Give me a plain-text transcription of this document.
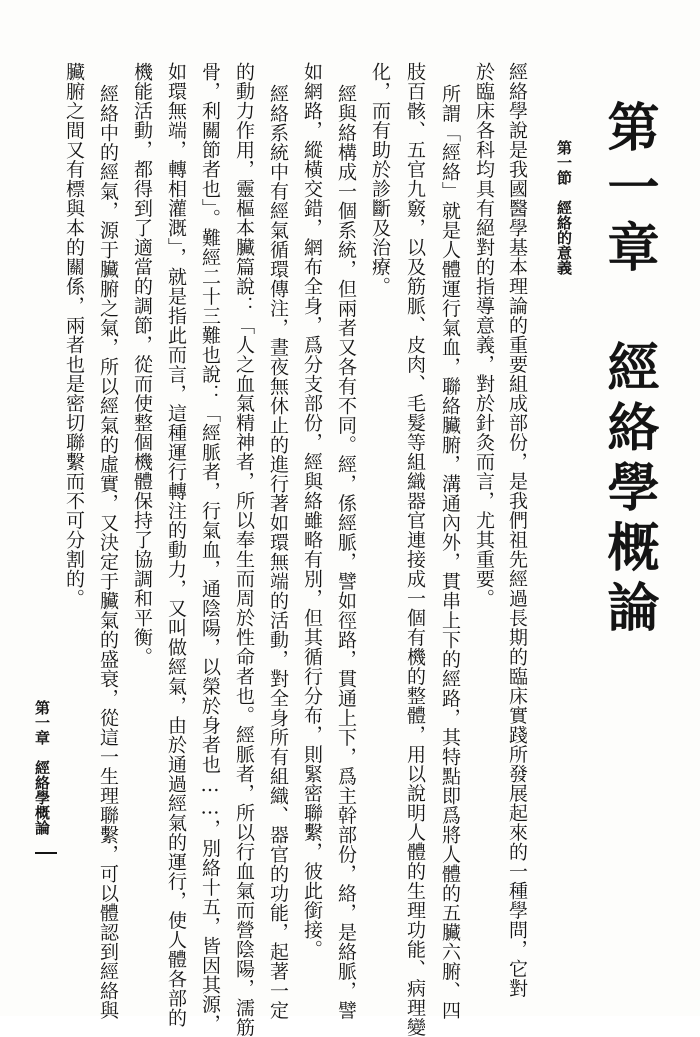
第一章　經絡學概論
第一節　經絡的意義
經絡學說是我國醫學基本理論的重要組成部份，是我們祖先經過長期的臨床實踐所發展起來的一種學問，它對
於臨床各科均具有絕對的指導意義，對於針灸而言，尤其重要。
所謂「經絡」就是人體運行氣血，聯絡臟腑，溝通內外，貫串上下的經路，其特點即爲將人體的五臟六腑、四
肢百骸、五官九竅，以及筋脈、皮肉、毛髮等組織器官連接成一個有機的整體，用以說明人體的生理功能、病理變
化，而有助於診斷及治療。
經與絡構成一個系統，但兩者又各有不同。經，係經脈，譬如徑路，貫通上下，爲主幹部份，絡，是絡脈，譬
如網路，縱橫交錯，網布全身，爲分支部份，經與絡雖略有別，但其循行分布，則緊密聯繫，彼此銜接。
經絡系統中有經氣循環傳注，晝夜無休止的進行著如環無端的活動，對全身所有組織、器官的功能，起著一定
的動力作用，靈樞本臟篇說：「人之血氣精神者，所以奉生而周於性命者也。經脈者，所以行血氣而營陰陽，濡筋
骨，利關節者也」。難經二十三難也說：「經脈者，行氣血，通陰陽，以榮於身者也……，別絡十五，皆因其源，
如環無端，轉相灌溉」，就是指此而言，這種運行轉注的動力，又叫做經氣，由於通過經氣的運行，使人體各部的
機能活動，都得到了適當的調節，從而使整個機體保持了協調和平衡。
經絡中的經氣，源于臟腑之氣，所以經氣的虛實，又決定于臟氣的盛衰，從這一生理聯繫，可以體認到經絡與
臟腑之間又有標與本的關係，兩者也是密切聯繫而不可分割的。
第一章　經絡學概論
